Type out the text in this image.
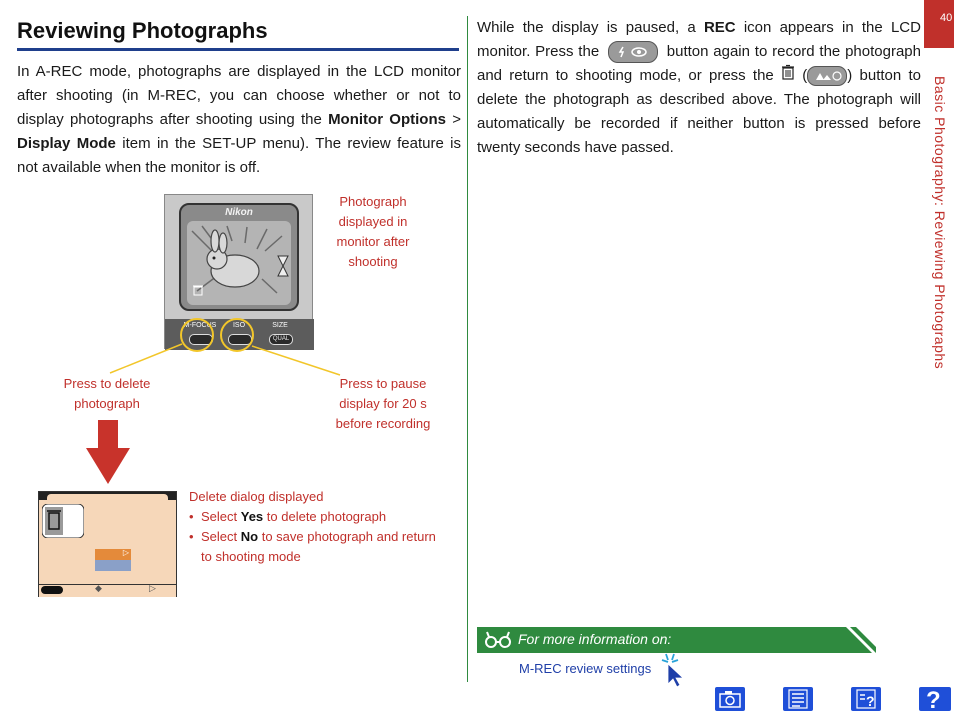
40
Basic Photography: Reviewing Photographs
Reviewing Photographs
In A-REC mode, photographs are displayed in the LCD monitor after shooting (in M-REC, you can choose whether or not to display photographs after shooting using the Monitor Options > Display Mode item in the SET-UP menu). The review feature is not available when the monitor is off.
While the display is paused, a REC icon appears in the LCD monitor. Press the	button again to record the photograph and return to shooting mode, or press the  (	) button to delete the photograph as described above. The photograph will automatically be recorded if neither button is pressed before twenty seconds have passed.
Nikon
M-FOCUS	ISO	SIZE
QUAL
Photograph displayed in monitor after shooting
Press to delete photograph
Press to pause display for 20 s before recording
▷
◆	▷
Delete dialog displayed
• Select Yes to delete photograph
• Select No to save photograph and return to shooting mode
For more information on:
M-REC review settings
? ?
